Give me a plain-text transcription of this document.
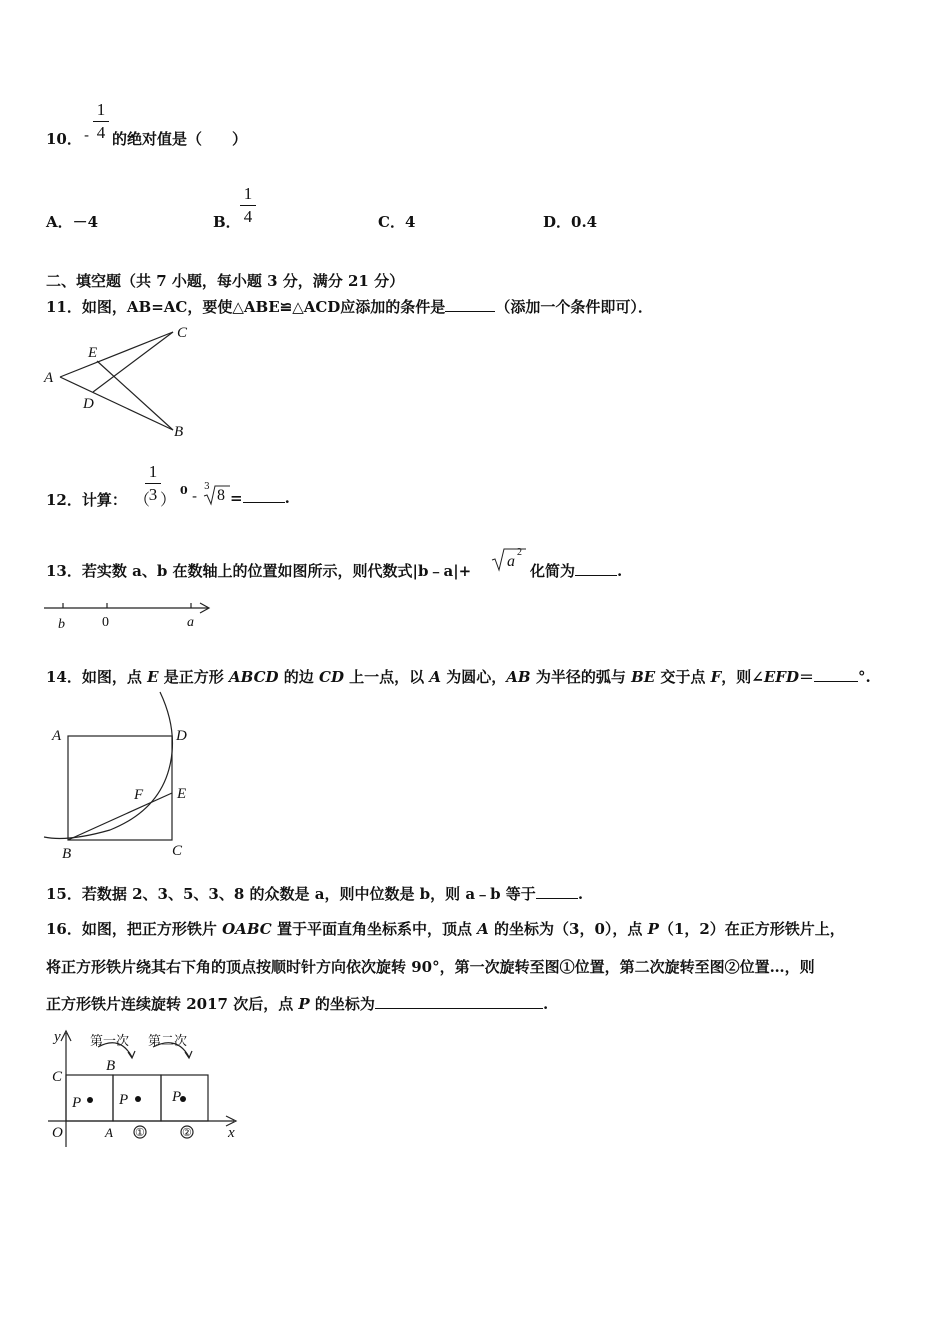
10． -
1
4 的绝对值是（　　）
A．－4	B．
1
4	C．4	D．0.4
二、填空题（共 7 小题，每小题 3 分，满分 21 分）
11．如图，AB=AC，要使△ABE≌△ACD应添加的条件是	（添加一个条件即可）．
A
C
E
D
B
12．计算： （
1
3 ） 0 - 3 8 =	.
13．若实数 a、b 在数轴上的位置如图所示，则代数式|b﹣a|+
a
2
化简为	.
b	0	a
14．如图，点 E 是正方形 ABCD 的边 CD 上一点，以 A 为圆心，AB 为半径的弧与 BE 交于点 F，则∠EFD＝	°.
A	D
E
F
B	C
15．若数据 2、3、5、3、8 的众数是 a，则中位数是 b，则 a﹣b 等于	.
16．如图，把正方形铁片 OABC 置于平面直角坐标系中，顶点 A 的坐标为（3，0），点 P（1，2）在正方形铁片上，
将正方形铁片绕其右下角的顶点按顺时针方向依次旋转 90°，第一次旋转至图①位置，第二次旋转至图②位置…，则
正方形铁片连续旋转 2017 次后，点 P 的坐标为	.
y
x
C
O	A
B
P	P	P
第一次 第二次
①	②
